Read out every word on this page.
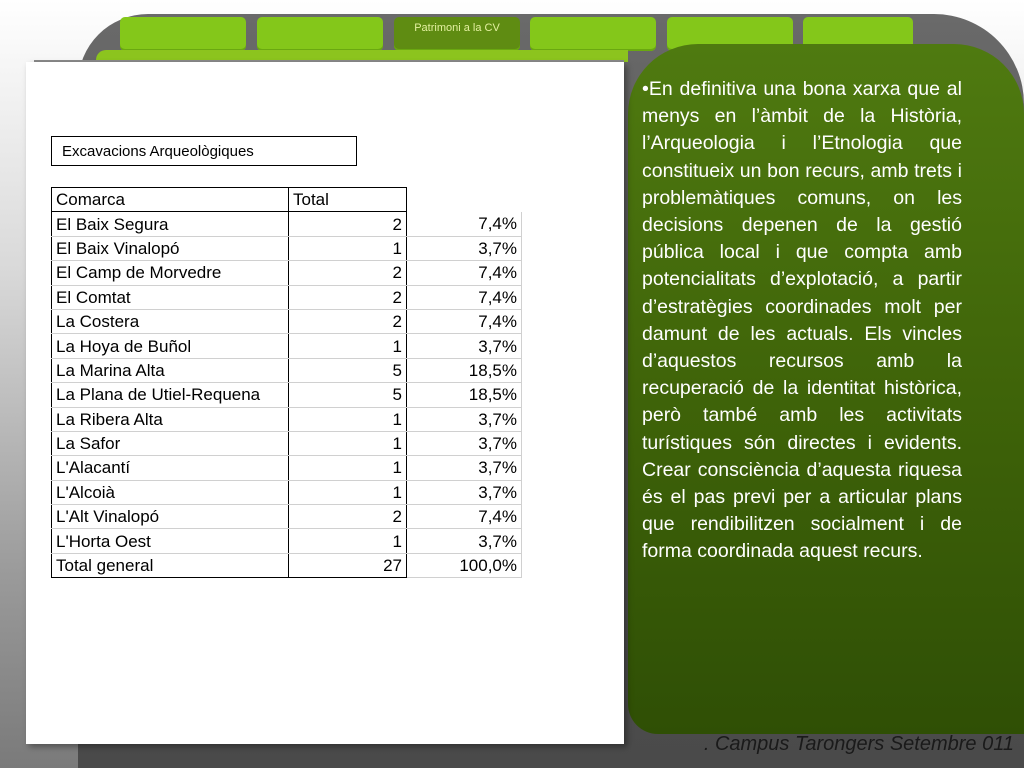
Patrimoni a la CV
Excavacions Arqueològiques
Comarca	Total	
El Baix Segura	2	7,4%
El Baix Vinalopó	1	3,7%
El Camp de Morvedre	2	7,4%
El Comtat	2	7,4%
La Costera	2	7,4%
La Hoya de Buñol	1	3,7%
La Marina Alta	5	18,5%
La Plana de Utiel-Requena	5	18,5%
La Ribera Alta	1	3,7%
La Safor	1	3,7%
L'Alacantí	1	3,7%
L'Alcoià	1	3,7%
L'Alt Vinalopó	2	7,4%
L'Horta Oest	1	3,7%
Total general	27	100,0%
•En definitiva una bona xarxa que al menys en l’àmbit de la Història, l’Arqueologia i l’Etnologia que constitueix un bon recurs, amb trets i problemàtiques comuns, on les decisions depenen de la gestió pública local i que compta amb potencialitats d’explotació, a partir d’estratègies coordinades molt per damunt de les actuals. Els vincles d’aquestos recursos amb la recuperació de la identitat històrica, però també amb les activitats turístiques són directes i evidents. Crear consciència d’aquesta riquesa és el pas previ per a articular plans que rendibilitzen socialment i de forma coordinada aquest recurs.
. Campus Tarongers Setembre 011
